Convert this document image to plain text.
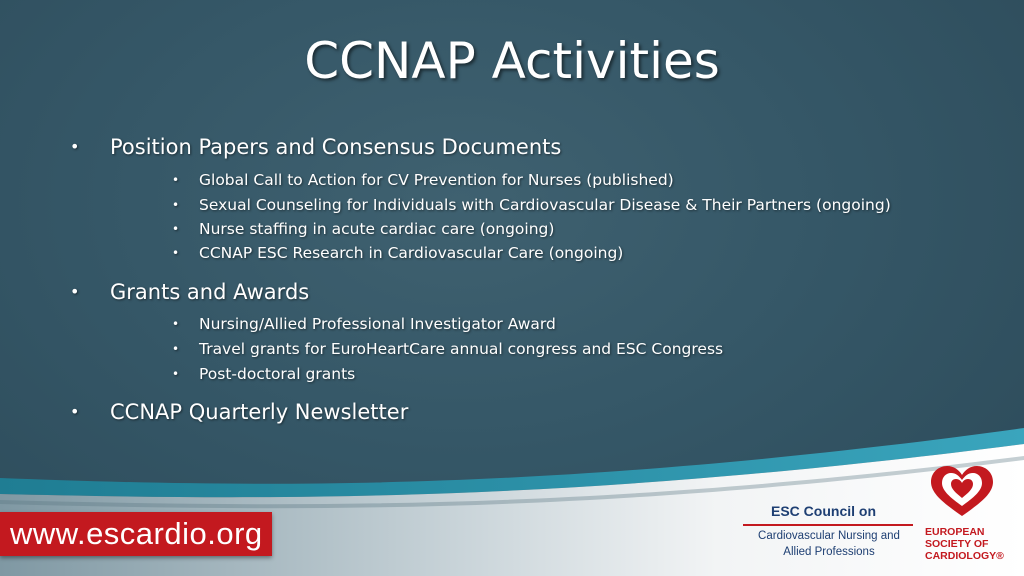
CCNAP Activities
• Position Papers and Consensus Documents
• Global Call to Action for CV Prevention for Nurses (published)
• Sexual Counseling for Individuals with Cardiovascular Disease & Their Partners (ongoing)
• Nurse staffing in acute cardiac care (ongoing)
• CCNAP ESC Research in Cardiovascular Care (ongoing)
• Grants and Awards
• Nursing/Allied Professional Investigator Award
• Travel grants for EuroHeartCare annual congress and ESC Congress
• Post-doctoral grants
• CCNAP Quarterly Newsletter
www.escardio.org
ESC Council on
Cardiovascular Nursing and
Allied Professions
EUROPEAN
SOCIETY OF
CARDIOLOGY®
